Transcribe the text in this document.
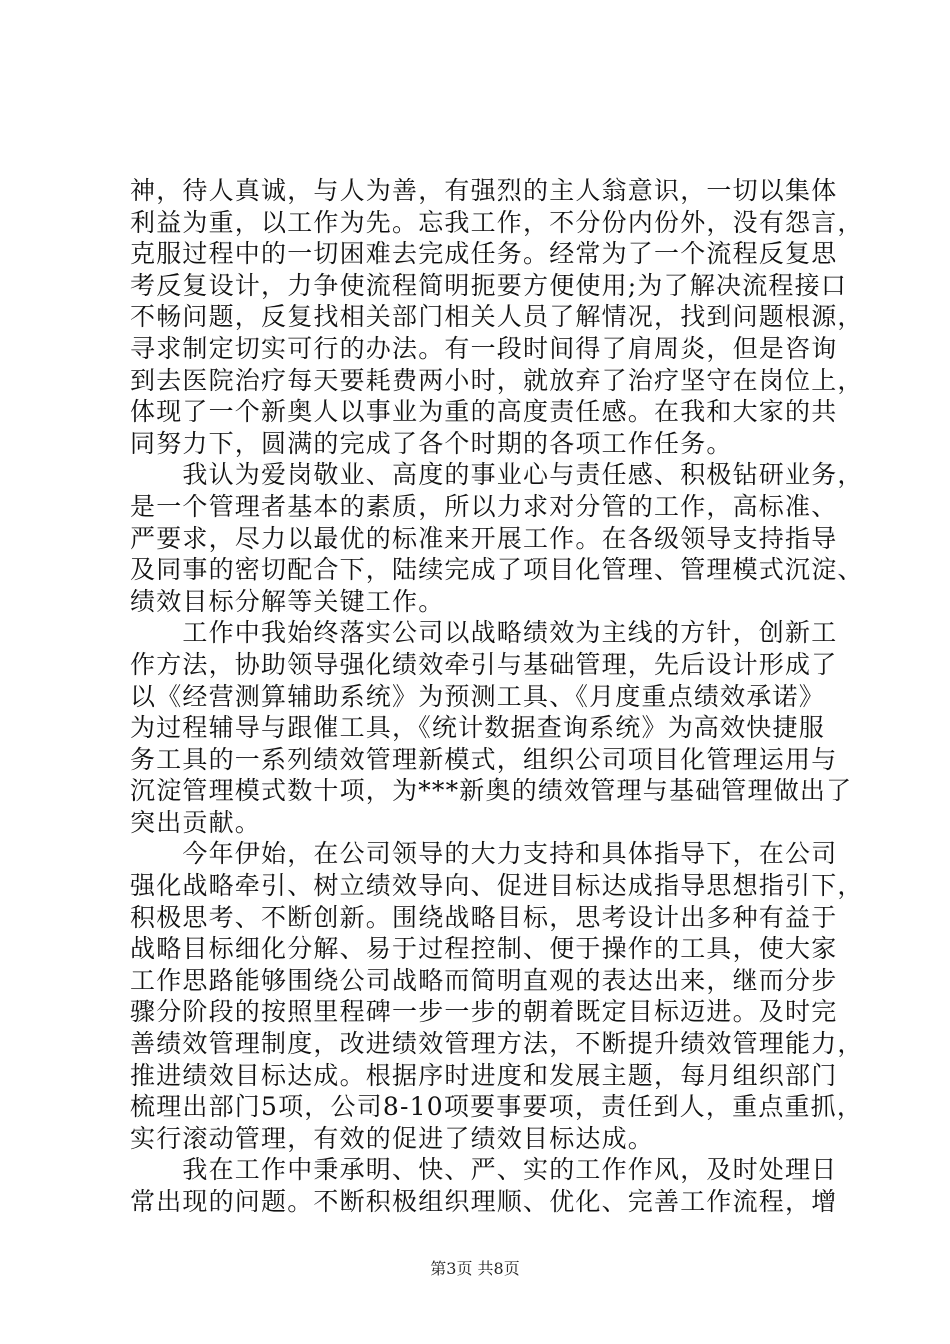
神，待人真诚，与人为善，有强烈的主人翁意识，一切以集体
利益为重，以工作为先。忘我工作，不分份内份外，没有怨言，
克服过程中的一切困难去完成任务。经常为了一个流程反复思
考反复设计，力争使流程简明扼要方便使用;为了解决流程接口
不畅问题，反复找相关部门相关人员了解情况，找到问题根源，
寻求制定切实可行的办法。有一段时间得了肩周炎，但是咨询
到去医院治疗每天要耗费两小时，就放弃了治疗坚守在岗位上，
体现了一个新奥人以事业为重的高度责任感。在我和大家的共
同努力下，圆满的完成了各个时期的各项工作任务。
　　我认为爱岗敬业、高度的事业心与责任感、积极钻研业务，
是一个管理者基本的素质，所以力求对分管的工作，高标准、
严要求，尽力以最优的标准来开展工作。在各级领导支持指导
及同事的密切配合下，陆续完成了项目化管理、管理模式沉淀、
绩效目标分解等关键工作。
　　工作中我始终落实公司以战略绩效为主线的方针，创新工
作方法，协助领导强化绩效牵引与基础管理，先后设计形成了
以《经营测算辅助系统》为预测工具、《月度重点绩效承诺》
为过程辅导与跟催工具，《统计数据查询系统》为高效快捷服
务工具的一系列绩效管理新模式，组织公司项目化管理运用与
沉淀管理模式数十项，为***新奥的绩效管理与基础管理做出了
突出贡献。
　　今年伊始，在公司领导的大力支持和具体指导下，在公司
强化战略牵引、树立绩效导向、促进目标达成指导思想指引下，
积极思考、不断创新。围绕战略目标，思考设计出多种有益于
战略目标细化分解、易于过程控制、便于操作的工具，使大家
工作思路能够围绕公司战略而简明直观的表达出来，继而分步
骤分阶段的按照里程碑一步一步的朝着既定目标迈进。及时完
善绩效管理制度，改进绩效管理方法，不断提升绩效管理能力，
推进绩效目标达成。根据序时进度和发展主题，每月组织部门
梳理出部门5项，公司8-10项要事要项，责任到人，重点重抓，
实行滚动管理，有效的促进了绩效目标达成。
　　我在工作中秉承明、快、严、实的工作作风，及时处理日
常出现的问题。不断积极组织理顺、优化、完善工作流程，增
第3页 共8页
